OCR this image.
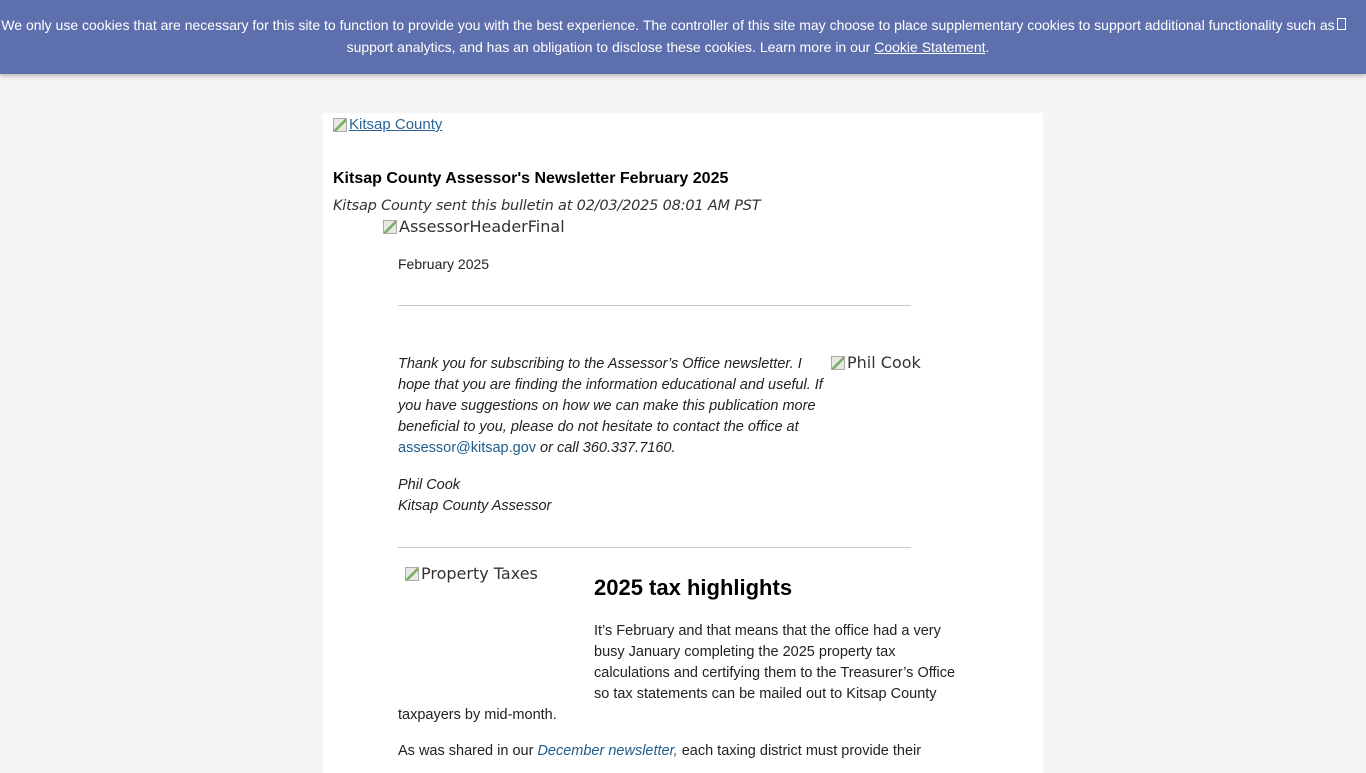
We only use cookies that are necessary for this site to function to provide you with the best experience. The controller of this site may choose to place supplementary cookies to support additional functionality such as
support analytics, and has an obligation to disclose these cookies. Learn more in our Cookie Statement.
Kitsap County
Kitsap County Assessor's Newsletter February 2025
Kitsap County sent this bulletin at 02/03/2025 08:01 AM PST
AssessorHeaderFinal
February 2025
Thank you for subscribing to the Assessor’s Office newsletter. I hope that you are finding the information educational and useful. If you have suggestions on how we can make this publication more beneficial to you, please do not hesitate to contact the office at assessor@kitsap.gov or call 360.337.7160.
Phil Cook
Phil Cook
Kitsap County Assessor
Property Taxes
2025 tax highlights
It’s February and that means that the office had a very busy January completing the 2025 property tax calculations and certifying them to the Treasurer’s Office so tax statements can be mailed out to Kitsap County
taxpayers by mid-month.
As was shared in our December newsletter, each taxing district must provide their
